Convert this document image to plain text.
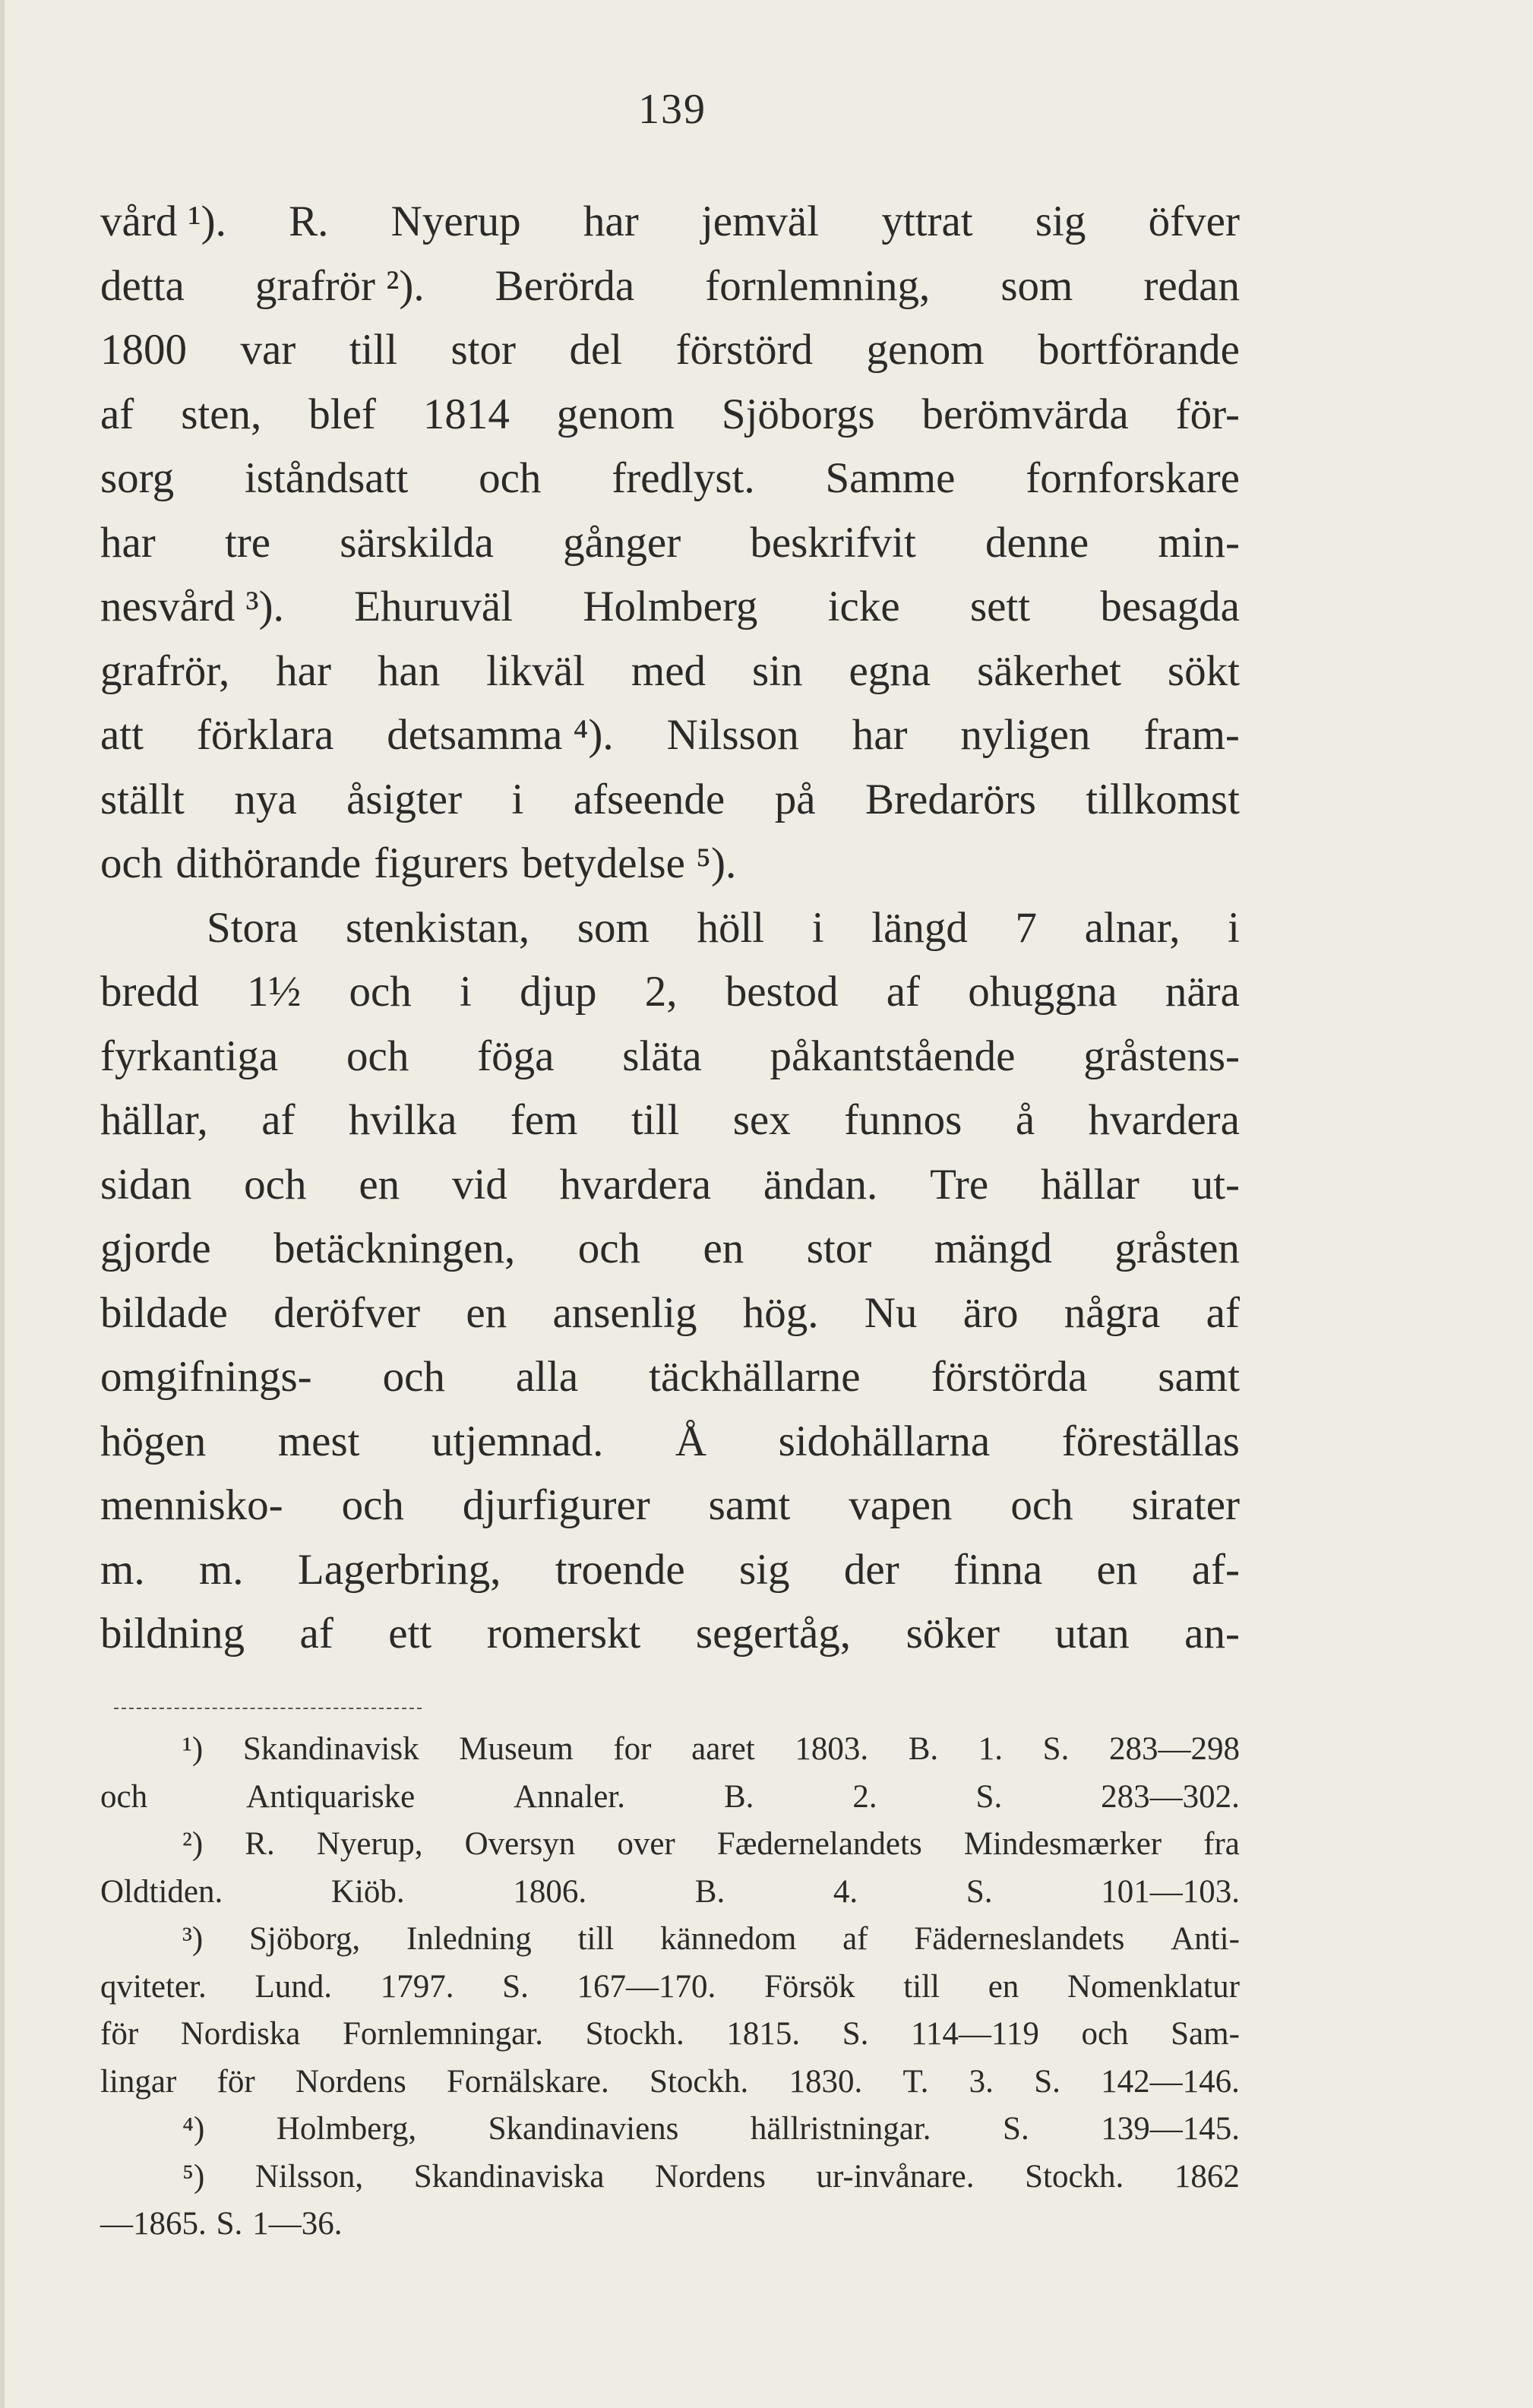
139
vård ¹). R. Nyerup har jemväl yttrat sig öfver
detta grafrör ²). Berörda fornlemning, som redan
1800 var till stor del förstörd genom bortförande
af sten, blef 1814 genom Sjöborgs berömvärda för-
sorg iståndsatt och fredlyst. Samme fornforskare
har tre särskilda gånger beskrifvit denne min-
nesvård ³). Ehuruväl Holmberg icke sett besagda
grafrör, har han likväl med sin egna säkerhet sökt
att förklara detsamma ⁴). Nilsson har nyligen fram-
ställt nya åsigter i afseende på Bredarörs tillkomst
och dithörande figurers betydelse ⁵).
Stora stenkistan, som höll i längd 7 alnar, i
bredd 1½ och i djup 2, bestod af ohuggna nära
fyrkantiga och föga släta påkantstående gråstens-
hällar, af hvilka fem till sex funnos å hvardera
sidan och en vid hvardera ändan. Tre hällar ut-
gjorde betäckningen, och en stor mängd gråsten
bildade deröfver en ansenlig hög. Nu äro några af
omgifnings- och alla täckhällarne förstörda samt
högen mest utjemnad. Å sidohällarna föreställas
mennisko- och djurfigurer samt vapen och sirater
m. m. Lagerbring, troende sig der finna en af-
bildning af ett romerskt segertåg, söker utan an-
¹) Skandinavisk Museum for aaret 1803. B. 1. S. 283—298
och	Antiquariske	Annaler.	B.	2.	S.	283—302.
²) R. Nyerup, Oversyn over Fædernelandets Mindesmærker fra
Oldtiden.	Kiöb.	1806.	B.	4.	S.	101—103.
³) Sjöborg, Inledning till kännedom af Fäderneslandets Anti-
qviteter. Lund. 1797. S. 167—170. Försök till en Nomenklatur
för Nordiska Fornlemningar. Stockh. 1815. S. 114—119 och Sam-
lingar för Nordens Fornälskare. Stockh. 1830. T. 3. S. 142—146.
⁴) Holmberg, Skandinaviens hällristningar. S. 139—145.
⁵) Nilsson, Skandinaviska Nordens ur-invånare. Stockh. 1862
—1865. S. 1—36.
